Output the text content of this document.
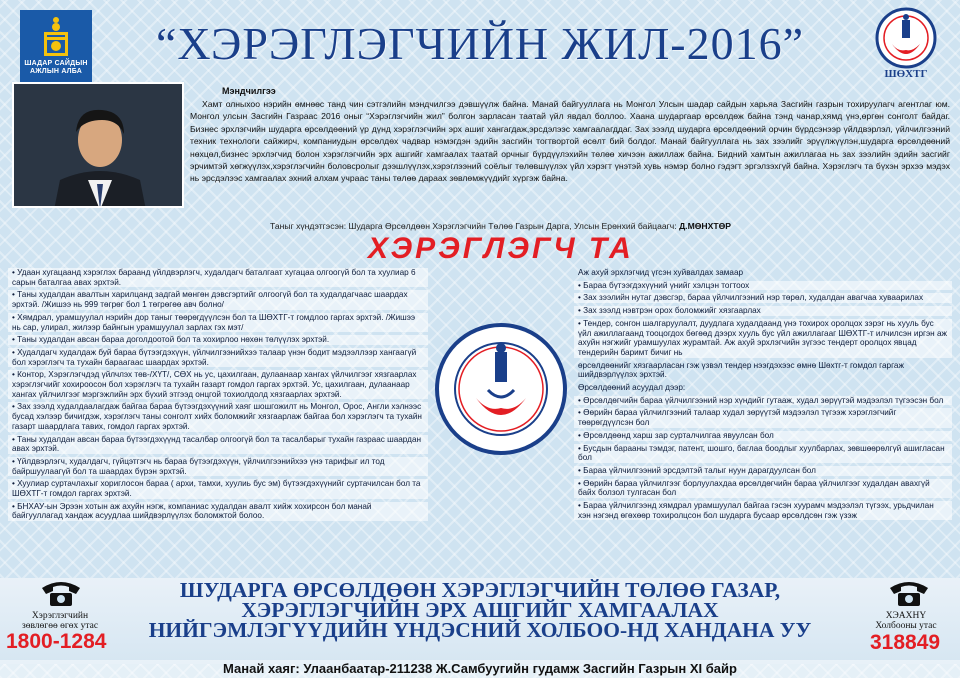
ШАДАР САЙДЫН
АЖЛЫН АЛБА
“ХЭРЭГЛЭГЧИЙН ЖИЛ-2016”
ШӨХТГ
Мэндчилгээ
Хамт олныхоо нэрийн өмнөөс танд чин сэтгэлийн мэндчилгээ дэвшүүлж байна. Манай байгууллага нь Монгол Улсын шадар сайдын харьяа Засгийн газрын тохируулагч агентлаг юм. Монгол улсын Засгийн Газраас 2016 оныг “Хэрэглэгчийн жил” болгон зарласан таатай үйл явдал боллоо. Хаана шударгаар өрсөлдөж байна тэнд чанар,хямд үнэ,өргөн сонголт байдаг. Бизнес эрхлэгчийн шударга өрсөлдөөний үр дүнд хэрэглэгчийн эрх ашиг хангагдаж,эрсдэлээс хамгаалагддаг. Зах зээлд шударга өрсөлдөөний орчин бүрдсэнээр үйлдвэрлэл, үйлчилгээний техник технологи сайжирч, компаниудын өрсөлдөх чадвар нэмэгдэн эдийн засгийн тогтвортой өсөлт бий болдог. Манай байгууллага нь зах зээлийг эрүүлжүүлэн,шударга өрсөлдөөний нөхцөл,бизнес эрхлэгчид болон хэрэглэгчийн эрх ашгийг хамгаалах таатай орчныг бүрдүүлэхийн төлөө хичээн ажиллаж байна. Бидний хамтын ажиллагаа нь зах зээлийн эдийн засгийг эрчимтэй хөгжүүлэх,хэрэглэгчийн боловсролыг дээшлүүлэх,хэрэглээний соёлыг төлөвшүүлэх үйл хэрэгт үнэтэй хувь нэмэр болно гэдэгт эргэлзэхгүй байна. Хэрэглэгч та бүхэн эрхээ мэдэх нь эрсдэлээс хамгаалах эхний алхам учраас таны төлөө дараах зөвлөмжүүдийг хүргэж байна.
Таныг хүндэтгэсэн: Шударга Өрсөлдөөн Хэрэглэгчийн Төлөө Газрын Дарга, Улсын Ерөнхий байцаагч: Д.МӨНХТӨР
ХЭРЭГЛЭГЧ ТА
• Удаан хугацаанд хэрэглэх бараанд үйлдвэрлэгч, худалдагч баталгаат хугацаа олгоогүй бол та хуулиар 6 сарын баталгаа авах эрхтэй.
• Таны худалдан авалтын харилцанд задгай мөнгөн дэвсгэртийг олгоогүй бол та худалдагчаас шаардах эрхтэй. /Жишээ нь 999 төгрөг бол 1 төгрөгөө авч болно/
• Хямдрал, урамшуулал нэрийн дор таныг төөрөгдүүлсэн бол та ШӨХТГ-т гомдлоо гаргах эрхтэй. /Жишээ нь сар, улирал, жилээр байнгын урамшуулал зарлах гэх мэт/
• Таны худалдан авсан бараа доголдоотой бол та хохирлоо нөхөн төлүүлэх эрхтэй.
• Худалдагч худалдаж буй бараа бүтээгдэхүүн, үйлчилгээнийхээ талаар үнэн бодит мэдээллээр хангаагүй бол хэрэглэгч та тухайн бараагаас шаардах эрхтэй.
• Контор, Хэрэглэгчдэд үйлчлэх төв-/ХҮТ/, СӨХ нь ус, цахилгаан, дулаанаар хангах үйлчилгээг хязгаарлах хэрэглэгчийг хохироосон бол хэрэглэгч та тухайн газарт гомдол гаргах эрхтэй. Ус, цахилгаан, дулаанаар хангах үйлчилгээг мэргэжлийн эрх бүхий этгээд онцгой тохиолдолд хязгаарлах эрхтэй.
• Зах зээлд худалдаалагдаж байгаа бараа бүтээгдэхүүний хаяг шошгожилт нь Монгол, Орос, Англи хэлнээс бусад хэлээр бичигдэж, хэрэглэгч таны сонголт хийх боломжийг хязгаарлаж байгаа бол хэрэглэгч та тухайн газарт шаардлага тавих, гомдол гаргах эрхтэй.
• Таны худалдан авсан бараа бүтээгдэхүүнд тасалбар олгоогүй бол та тасалбарыг тухайн газраас шаардан авах эрхтэй.
• Үйлдвэрлэгч, худалдагч, гүйцэтгэгч нь бараа бүтээгдэхүүн, үйлчилгээнийхээ үнэ тарифыг ил тод байршуулаагүй бол та шаардах бүрэн эрхтэй.
• Хуулиар суртачлахыг хориглосон бараа ( архи, тамхи, хуулиь бус эм) бүтээгдэхүүнийг суртачилсан бол та ШӨХТГ-т гомдол гаргах эрхтэй.
• БНХАУ-ын Эрээн хотын аж ахуйн нэгж, компаниас худалдан авалт хийж хохирсон бол манай байгууллагад хандаж асуудлаа шийдвэрлүүлэх боломжтой болоо.
Аж ахуй эрхлэгчид үгсэн хуйвалдах замаар
• Бараа бүтээгдэхүүний үнийг хэлцэн тогтоох
• Зах зээлийн нутаг дэвсгэр, бараа үйлчилгээний нэр төрөл, худалдан авагчаа хуваарилах
• Зах зээлд нэвтрэн орох боломжийг хязгаарлах
• Тендер, сонгон шалгаруулалт, дуудлага худалдаанд үнэ тохирох оролцох зэрэг нь хууль бус үйл ажиллагаанд тооцогдох бөгөөд дээрх хууль бус үйл ажиллагааг ШӨХТГ-т илчилсэн иргэн аж ахуйн нэгжийг урамшуулах журамтай. Аж ахуй эрхлэгчийн зүгээс тендерт оролцох явцад тендерийн баримт бичиг нь
өрсөлдөөнийг хязгаарласан гэж үзвэл тендер нээгдэхээс өмнө Шөхтг-т гомдол гаргаж шийдвэрлүүлэх эрхтэй.
Өрсөлдөөний асуудал дээр:
• Өрсөлдөгчийн бараа үйлчилгээний нэр хүндийг гутааж, худал зөрүүтэй мэдээлэл түгээсэн бол
• Өөрийн бараа үйлчилгээний талаар худал зөрүүтэй мэдээлэл түгээж хэрэглэгчийг төөрөгдүүлсэн бол
• Өрсөлдөөнд харш зар сурталчилгаа явуулсан бол
• Бусдын барааны тэмдэг, патент, шошго, баглаа боодлыг хуулбарлах, зөвшөөрөлгүй ашигласан бол
• Бараа үйлчилгээний эрсдэлтэй талыг нуун дарагдуулсан бол
• Өөрийн бараа үйлчилгээг борлуулахдаа өрсөлдөгчийн бараа үйлчилгээг худалдан авахгүй байх болзол тулгасан бол
• Бараа үйлчилгээнд хямдрал урамшуулал байгаа гэсэн хуурамч мэдээлэл түгээх, урьдчилан хэн нэгэнд өгөхөөр тохиролцсон бол шударга бусаар өрсөлдсөн гэж үзэж
Хэрэглэгчийн
зөвлөгөө өгөх утас
1800-1284
ШУДАРГА ӨРСӨЛДӨӨН ХЭРЭГЛЭГЧИЙН ТӨЛӨӨ ГАЗАР, ХЭРЭГЛЭГЧИЙН ЭРХ АШГИЙГ ХАМГААЛАХ НИЙГЭМЛЭГҮҮДИЙН ҮНДЭСНИЙ ХОЛБОО-НД ХАНДАНА УУ
ХЭАХНҮ
Холбооны утас
318849
Манай хаяг: Улаанбаатар-211238 Ж.Самбуугийн гудамж Засгийн Газрын XI байр
